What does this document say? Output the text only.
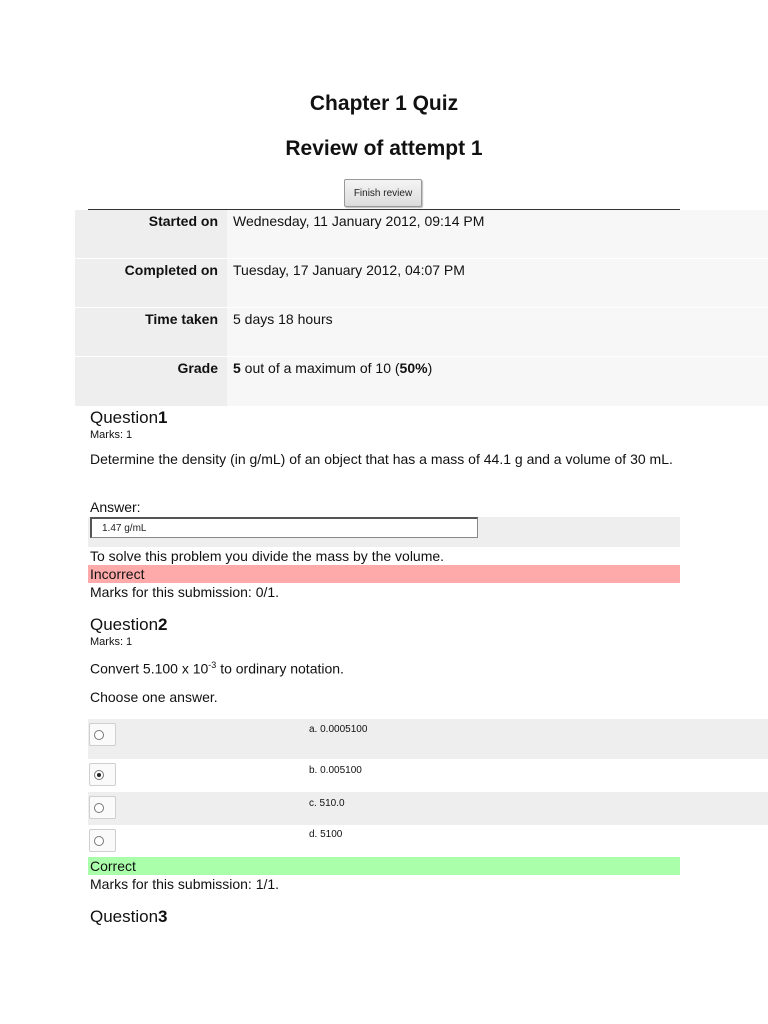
Chapter 1 Quiz
Review of attempt 1
Finish review
Started on	Wednesday, 11 January 2012, 09:14 PM
Completed on	Tuesday, 17 January 2012, 04:07 PM
Time taken	5 days 18 hours
Grade	5 out of a maximum of 10 (50%)
Question1
Marks: 1
Determine the density (in g/mL) of an object that has a mass of 44.1 g and a volume of 30 mL.
Answer:
1.47 g/mL
To solve this problem you divide the mass by the volume.
Incorrect
Marks for this submission: 0/1.
Question2
Marks: 1
Convert 5.100 x $10^{-3}$ to ordinary notation.
Choose one answer.
a. 0.0005100
b. 0.005100
c. 510.0
d. 5100
Correct
Marks for this submission: 1/1.
Question3
